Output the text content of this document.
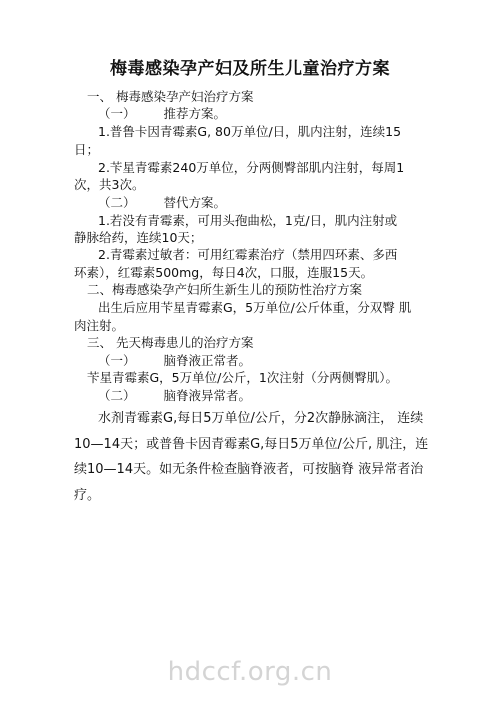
梅毒感染孕产妇及所生儿童治疗方案

一、 梅毒感染孕产妇治疗方案

（一） 推荐方案。

1.普鲁卡因青霉素G, 80万单位/日，肌内注射，连续15

日；

2.苄星青霉素240万单位，分两侧臀部肌内注射，每周1

次，共3次。

（二） 替代方案。

1.若没有青霉素，可用头孢曲松，1克/日，肌内注射或

静脉给药，连续10天；

2.青霉素过敏者：可用红霉素治疗（禁用四环素、多西

环素），红霉素500mg，每日4次，口服，连服15天。

二、梅毒感染孕产妇所生新生儿的预防性治疗方案

出生后应用苄星青霉素G，5万单位/公斤体重，分双臀 肌

肉注射。

三、 先天梅毒患儿的治疗方案

（一） 脑脊液正常者。

苄星青霉素G，5万单位/公斤，1次注射（分两侧臀肌）。

（二） 脑脊液异常者。

水剂青霉素G,每日5万单位/公斤，分2次静脉滴注， 连续

10—14天；或普鲁卡因青霉素G,每日5万单位/公斤, 肌注，连

续10—14天。如无条件检查脑脊液者，可按脑脊 液异常者治

疗。

hdccf.org.cn
